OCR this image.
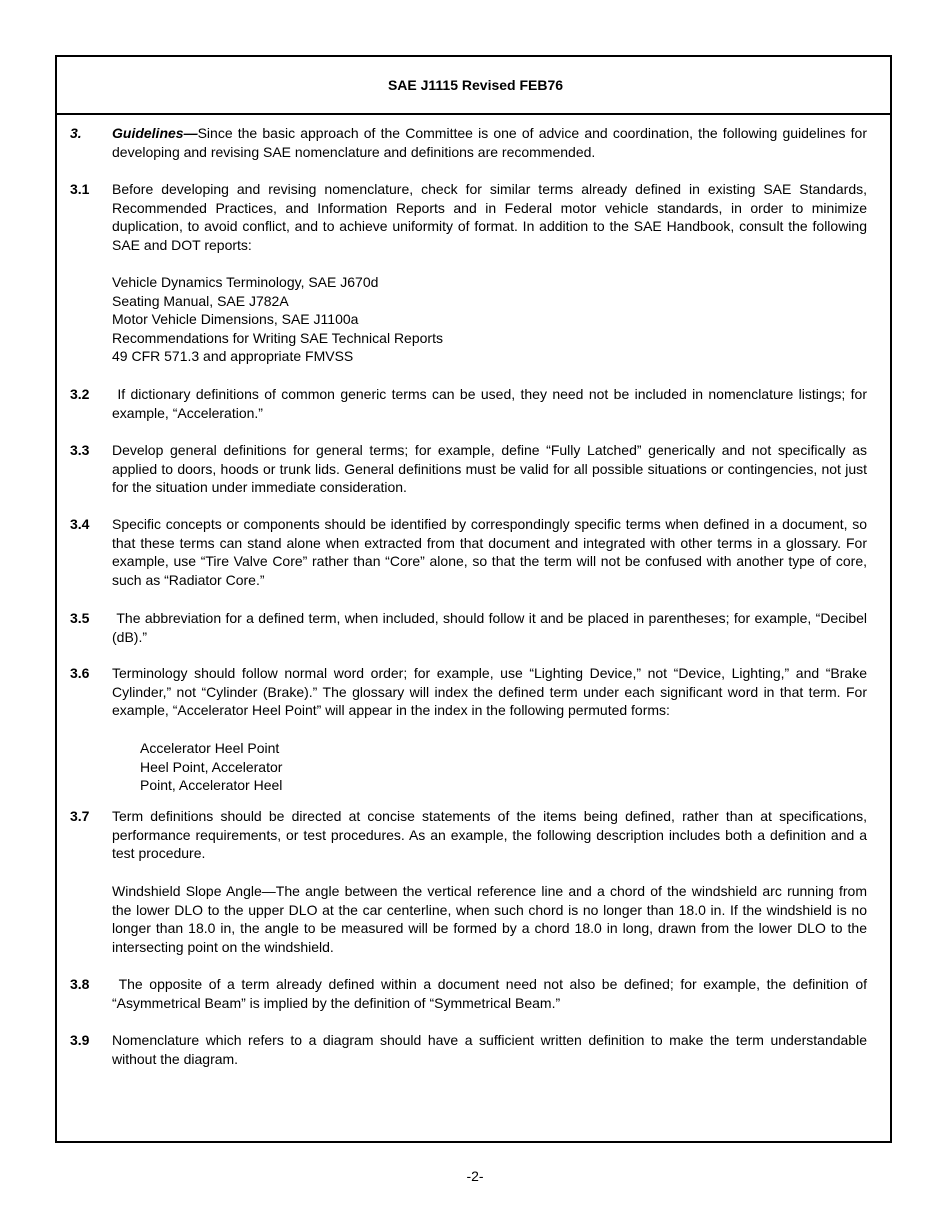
SAE J1115 Revised FEB76
3. Guidelines—Since the basic approach of the Committee is one of advice and coordination, the following guidelines for developing and revising SAE nomenclature and definitions are recommended.

3.1 Before developing and revising nomenclature, check for similar terms already defined in existing SAE Standards, Recommended Practices, and Information Reports and in Federal motor vehicle standards, in order to minimize duplication, to avoid conflict, and to achieve uniformity of format. In addition to the SAE Handbook, consult the following SAE and DOT reports:

Vehicle Dynamics Terminology, SAE J670d
Seating Manual, SAE J782A
Motor Vehicle Dimensions, SAE J1100a
Recommendations for Writing SAE Technical Reports
49 CFR 571.3 and appropriate FMVSS
3.2 If dictionary definitions of common generic terms can be used, they need not be included in nomenclature listings; for example, “Acceleration.”

3.3 Develop general definitions for general terms; for example, define “Fully Latched” generically and not specifically as applied to doors, hoods or trunk lids. General definitions must be valid for all possible situations or contingencies, not just for the situation under immediate consideration.

3.4 Specific concepts or components should be identified by correspondingly specific terms when defined in a document, so that these terms can stand alone when extracted from that document and integrated with other terms in a glossary. For example, use “Tire Valve Core” rather than “Core” alone, so that the term will not be confused with another type of core, such as “Radiator Core.”

3.5 The abbreviation for a defined term, when included, should follow it and be placed in parentheses; for example, “Decibel (dB).”

3.6 Terminology should follow normal word order; for example, use “Lighting Device,” not “Device, Lighting,” and “Brake Cylinder,” not “Cylinder (Brake).” The glossary will index the defined term under each significant word in that term. For example, “Accelerator Heel Point” will appear in the index in the following permuted forms:

Accelerator Heel Point
Heel Point, Accelerator
Point, Accelerator Heel
3.7 Term definitions should be directed at concise statements of the items being defined, rather than at specifications, performance requirements, or test procedures. As an example, the following description includes both a definition and a test procedure.

Windshield Slope Angle—The angle between the vertical reference line and a chord of the windshield arc running from the lower DLO to the upper DLO at the car centerline, when such chord is no longer than 18.0 in. If the windshield is no longer than 18.0 in, the angle to be measured will be formed by a chord 18.0 in long, drawn from the lower DLO to the intersecting point on the windshield.

3.8 The opposite of a term already defined within a document need not also be defined; for example, the definition of “Asymmetrical Beam” is implied by the definition of “Symmetrical Beam.”

3.9 Nomenclature which refers to a diagram should have a sufficient written definition to make the term understandable without the diagram.

-2-
